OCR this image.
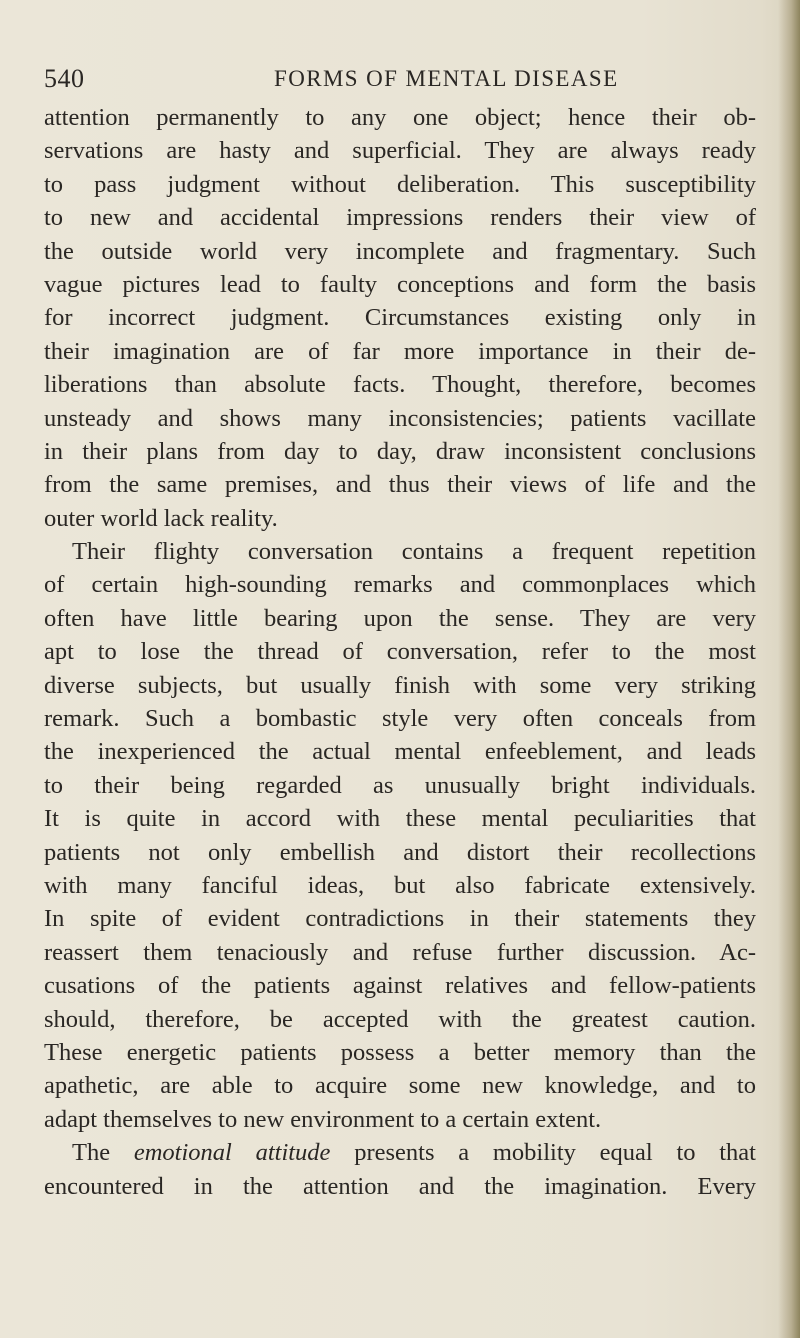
540	FORMS OF MENTAL DISEASE
attention permanently to any one object; hence their ob-
servations are hasty and superficial. They are always ready
to pass judgment without deliberation. This susceptibility
to new and accidental impressions renders their view of
the outside world very incomplete and fragmentary. Such
vague pictures lead to faulty conceptions and form the basis
for incorrect judgment. Circumstances existing only in
their imagination are of far more importance in their de-
liberations than absolute facts. Thought, therefore, becomes
unsteady and shows many inconsistencies; patients vacillate
in their plans from day to day, draw inconsistent conclusions
from the same premises, and thus their views of life and the
outer world lack reality.
Their flighty conversation contains a frequent repetition
of certain high-sounding remarks and commonplaces which
often have little bearing upon the sense. They are very
apt to lose the thread of conversation, refer to the most
diverse subjects, but usually finish with some very striking
remark. Such a bombastic style very often conceals from
the inexperienced the actual mental enfeeblement, and leads
to their being regarded as unusually bright individuals.
It is quite in accord with these mental peculiarities that
patients not only embellish and distort their recollections
with many fanciful ideas, but also fabricate extensively.
In spite of evident contradictions in their statements they
reassert them tenaciously and refuse further discussion. Ac-
cusations of the patients against relatives and fellow-patients
should, therefore, be accepted with the greatest caution.
These energetic patients possess a better memory than the
apathetic, are able to acquire some new knowledge, and to
adapt themselves to new environment to a certain extent.
The emotional attitude presents a mobility equal to that
encountered in the attention and the imagination. Every
